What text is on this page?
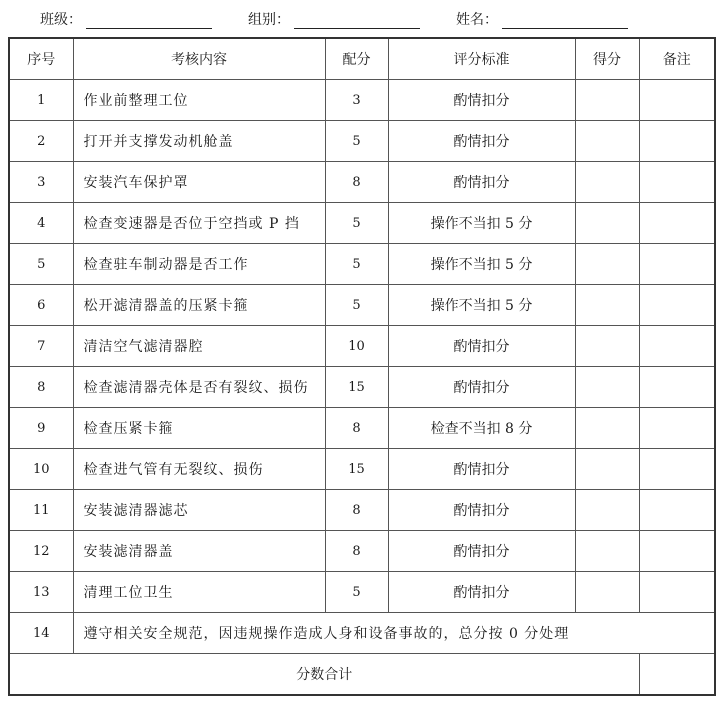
班级：	组别：	姓名：
序号	考核内容	配分	评分标准	得分	备注
1	作业前整理工位	3	酌情扣分		
2	打开并支撑发动机舱盖	5	酌情扣分		
3	安装汽车保护罩	8	酌情扣分		
4	检查变速器是否位于空挡或 P 挡	5	操作不当扣 5 分		
5	检查驻车制动器是否工作	5	操作不当扣 5 分		
6	松开滤清器盖的压紧卡箍	5	操作不当扣 5 分		
7	清洁空气滤清器腔	10	酌情扣分		
8	检查滤清器壳体是否有裂纹、损伤	15	酌情扣分		
9	检查压紧卡箍	8	检查不当扣 8 分		
10	检查进气管有无裂纹、损伤	15	酌情扣分		
11	安装滤清器滤芯	8	酌情扣分		
12	安装滤清器盖	8	酌情扣分		
13	清理工位卫生	5	酌情扣分		
14	遵守相关安全规范，因违规操作造成人身和设备事故的，总分按 0 分处理				
分数合计					
